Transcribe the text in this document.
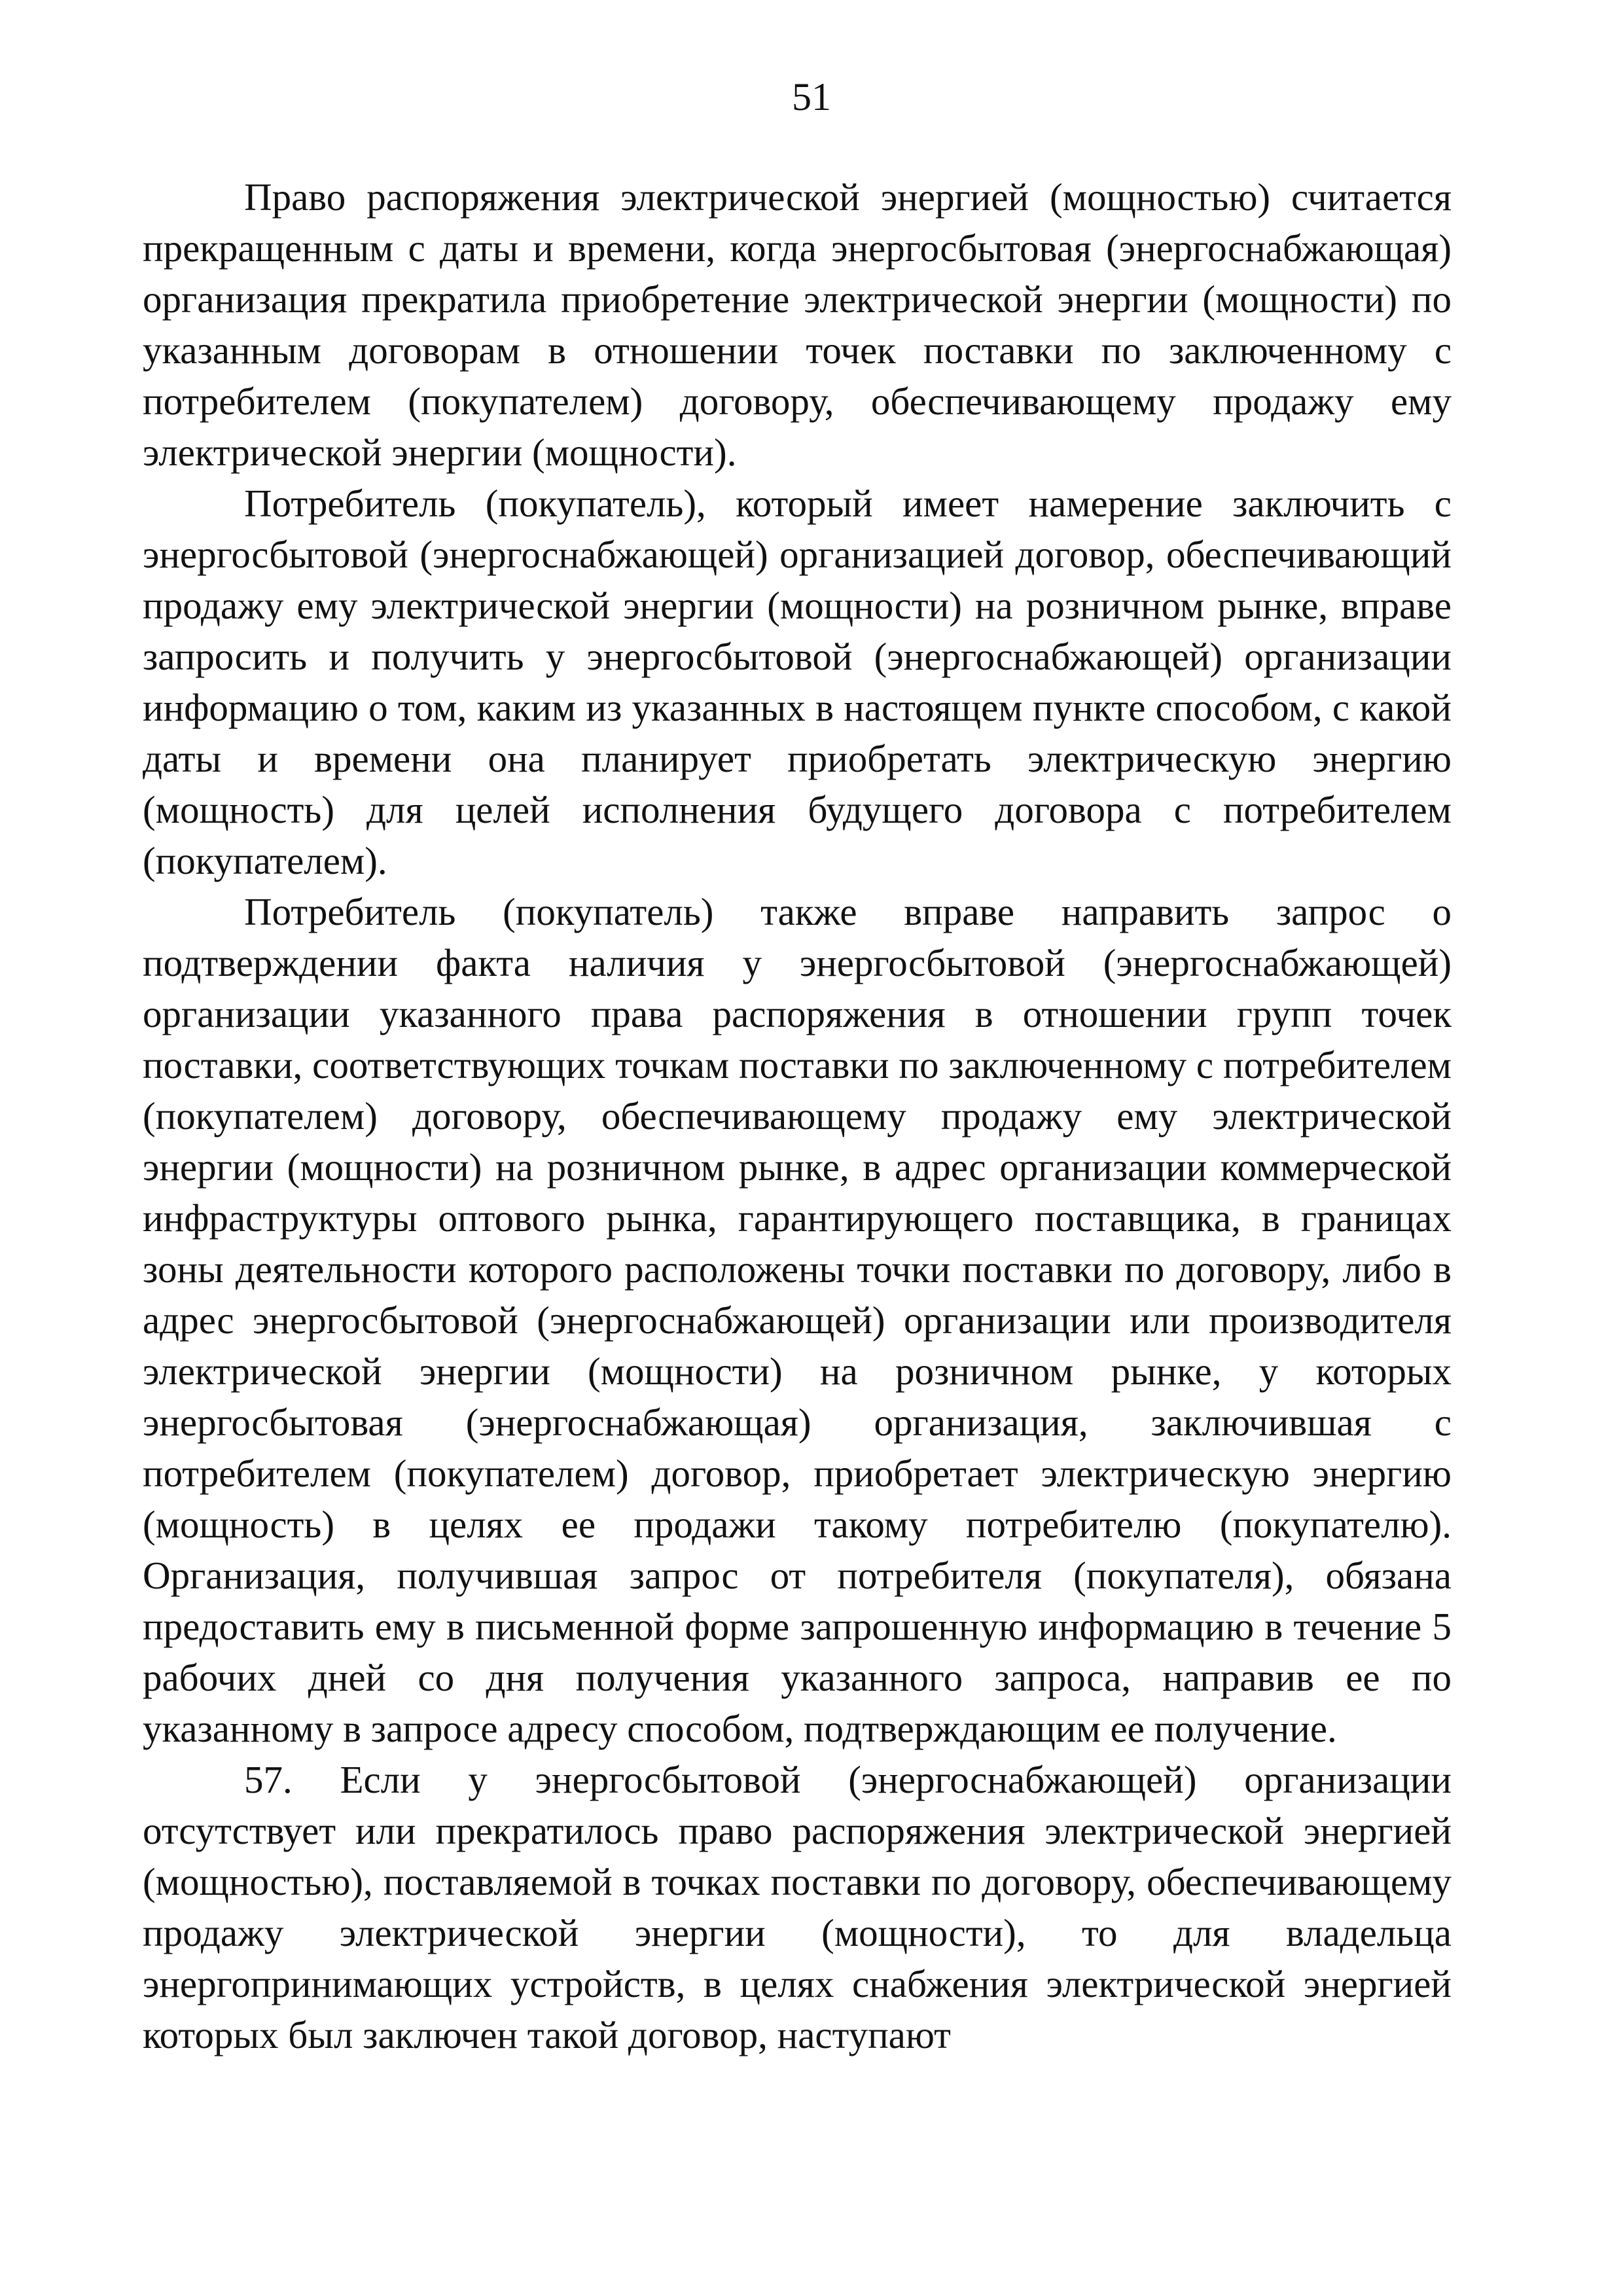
51

Право распоряжения электрической энергией (мощностью) считается прекращенным с даты и времени, когда энергосбытовая (энергоснабжающая) организация прекратила приобретение электрической энергии (мощности) по указанным договорам в отношении точек поставки по заключенному с потребителем (покупателем) договору, обеспечивающему продажу ему электрической энергии (мощности).

Потребитель (покупатель), который имеет намерение заключить с энергосбытовой (энергоснабжающей) организацией договор, обеспечивающий продажу ему электрической энергии (мощности) на розничном рынке, вправе запросить и получить у энергосбытовой (энергоснабжающей) организации информацию о том, каким из указанных в настоящем пункте способом, с какой даты и времени она планирует приобретать электрическую энергию (мощность) для целей исполнения будущего договора с потребителем (покупателем).

Потребитель (покупатель) также вправе направить запрос о подтверждении факта наличия у энергосбытовой (энергоснабжающей) организации указанного права распоряжения в отношении групп точек поставки, соответствующих точкам поставки по заключенному с потребителем (покупателем) договору, обеспечивающему продажу ему электрической энергии (мощности) на розничном рынке, в адрес организации коммерческой инфраструктуры оптового рынка, гарантирующего поставщика, в границах зоны деятельности которого расположены точки поставки по договору, либо в адрес энергосбытовой (энергоснабжающей) организации или производителя электрической энергии (мощности) на розничном рынке, у которых энергосбытовая (энергоснабжающая) организация, заключившая с потребителем (покупателем) договор, приобретает электрическую энергию (мощность) в целях ее продажи такому потребителю (покупателю). Организация, получившая запрос от потребителя (покупателя), обязана предоставить ему в письменной форме запрошенную информацию в течение 5 рабочих дней со дня получения указанного запроса, направив ее по указанному в запросе адресу способом, подтверждающим ее получение.

57. Если у энергосбытовой (энергоснабжающей) организации отсутствует или прекратилось право распоряжения электрической энергией (мощностью), поставляемой в точках поставки по договору, обеспечивающему продажу электрической энергии (мощности), то для владельца энергопринимающих устройств, в целях снабжения электрической энергией которых был заключен такой договор, наступают
